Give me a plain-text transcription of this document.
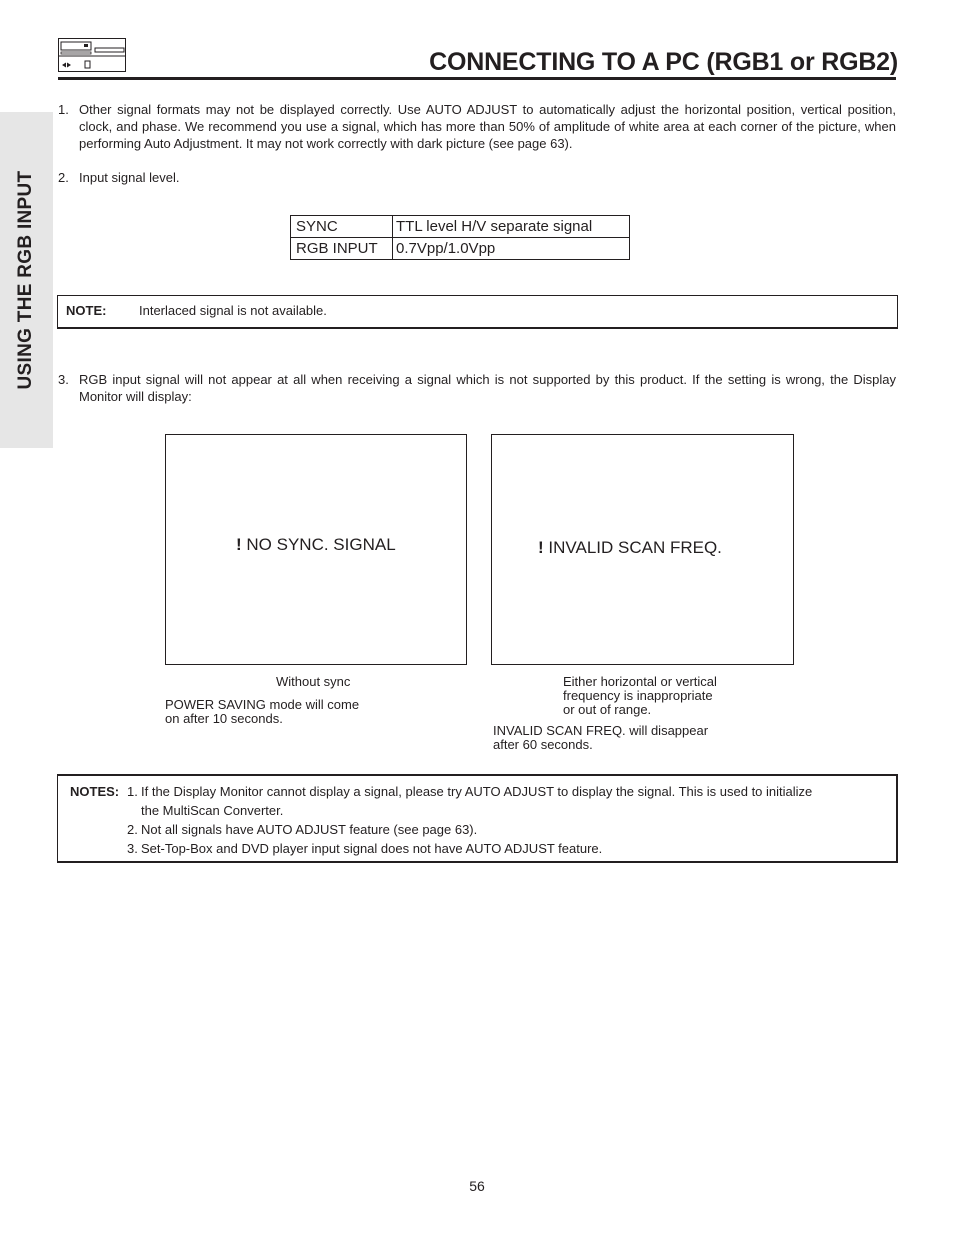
CONNECTING TO A PC (RGB1 or RGB2)
USING THE RGB INPUT
1. Other signal formats may not be displayed correctly. Use AUTO ADJUST to automatically adjust the horizontal position, vertical position, clock, and phase. We recommend you use a signal, which has more than 50% of amplitude of white area at each corner of the picture, when performing Auto Adjustment. It may not work correctly with dark picture (see page 63).
2. Input signal level.
SYNC	TTL level H/V separate signal
RGB INPUT	0.7Vpp/1.0Vpp
NOTE:	Interlaced signal is not available.
3. RGB input signal will not appear at all when receiving a signal which is not supported by this product. If the setting is wrong, the Display Monitor will display:
! NO SYNC. SIGNAL
Without sync
POWER SAVING mode will come
on after 10 seconds.
! INVALID SCAN FREQ.
Either horizontal or vertical
frequency is inappropriate
or out of range.
INVALID SCAN FREQ. will disappear
after 60 seconds.
NOTES: 1. If the Display Monitor cannot display a signal, please try AUTO ADJUST to display the signal. This is used to initialize
the MultiScan Converter.
2. Not all signals have AUTO ADJUST feature (see page 63).
3. Set-Top-Box and DVD player input signal does not have AUTO ADJUST feature.
56
